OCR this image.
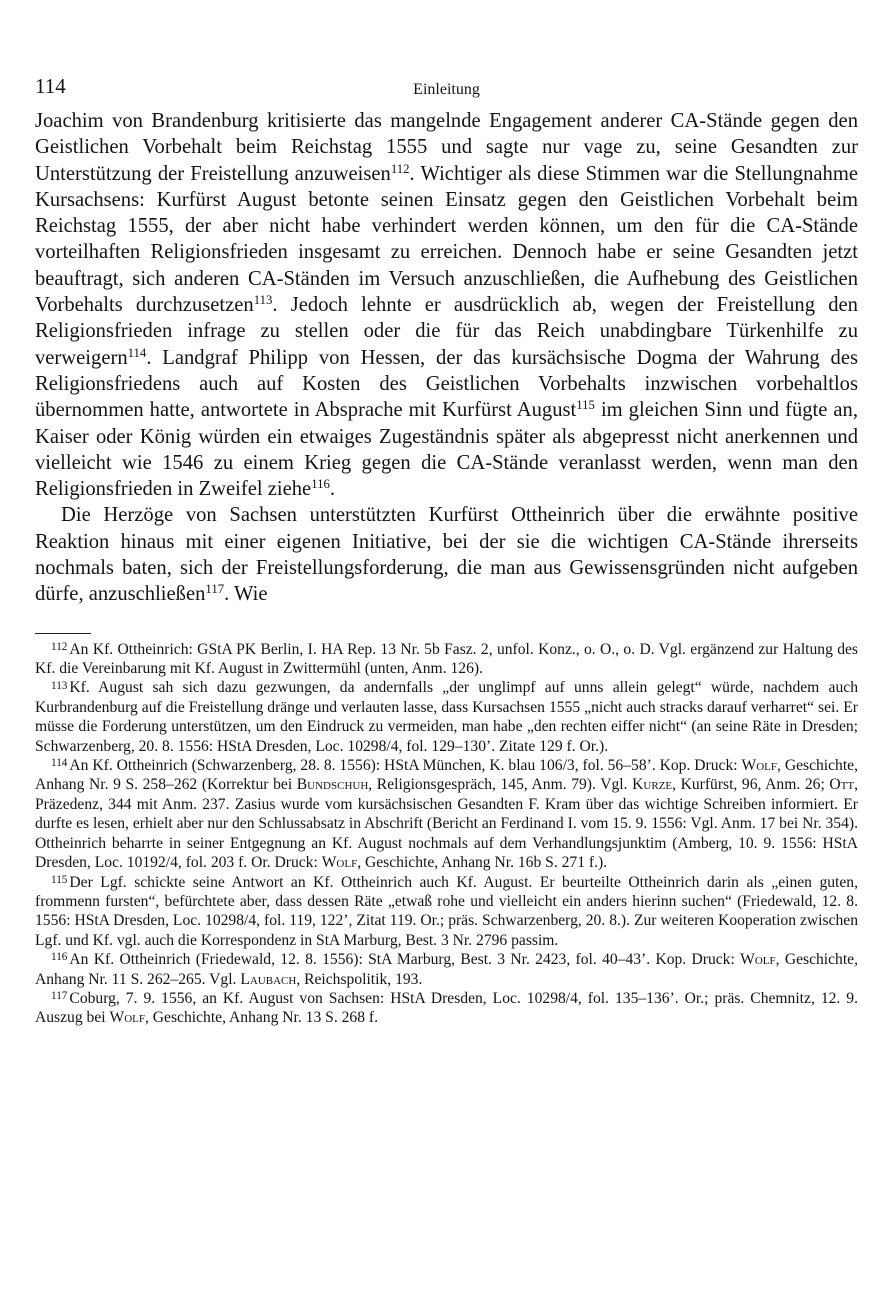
114	Einleitung

Joachim von Brandenburg kritisierte das mangelnde Engagement anderer CA-Stände gegen den Geistlichen Vorbehalt beim Reichstag 1555 und sagte nur vage zu, seine Gesandten zur Unterstützung der Freistellung anzuweisen$^{112}$. Wichtiger als diese Stimmen war die Stellungnahme Kursachsens: Kurfürst August betonte seinen Einsatz gegen den Geistlichen Vorbehalt beim Reichstag 1555, der aber nicht habe verhindert werden können, um den für die CA-Stände vorteilhaften Religionsfrieden insgesamt zu erreichen. Dennoch habe er seine Gesandten jetzt beauftragt, sich anderen CA-Ständen im Versuch anzuschließen, die Aufhebung des Geistlichen Vorbehalts durchzusetzen$^{113}$. Jedoch lehnte er ausdrücklich ab, wegen der Freistellung den Religionsfrieden infrage zu stellen oder die für das Reich unabdingbare Türkenhilfe zu verweigern$^{114}$. Landgraf Philipp von Hessen, der das kursächsische Dogma der Wahrung des Religionsfriedens auch auf Kosten des Geistlichen Vorbehalts inzwischen vorbehaltlos übernommen hatte, antwortete in Absprache mit Kurfürst August$^{115}$ im gleichen Sinn und fügte an, Kaiser oder König würden ein etwaiges Zugeständnis später als abgepresst nicht anerkennen und vielleicht wie 1546 zu einem Krieg gegen die CA-Stände veranlasst werden, wenn man den Religionsfrieden in Zweifel ziehe$^{116}$.

Die Herzöge von Sachsen unterstützten Kurfürst Ottheinrich über die erwähnte positive Reaktion hinaus mit einer eigenen Initiative, bei der sie die wichtigen CA-Stände ihrerseits nochmals baten, sich der Freistellungsforderung, die man aus Gewissensgründen nicht aufgeben dürfe, anzuschließen$^{117}$. Wie

$^{112}$ An Kf. Ottheinrich: GStA PK Berlin, I. HA Rep. 13 Nr. 5b Fasz. 2, unfol. Konz., o. O., o. D. Vgl. ergänzend zur Haltung des Kf. die Vereinbarung mit Kf. August in Zwittermühl (unten, Anm. 126).

$^{113}$ Kf. August sah sich dazu gezwungen, da andernfalls „der unglimpf auf unns allein gelegt“ würde, nachdem auch Kurbrandenburg auf die Freistellung dränge und verlauten lasse, dass Kursachsen 1555 „nicht auch stracks darauf verharret“ sei. Er müsse die Forderung unterstützen, um den Eindruck zu vermeiden, man habe „den rechten eiffer nicht“ (an seine Räte in Dresden; Schwarzenberg, 20. 8. 1556: HStA Dresden, Loc. 10298/4, fol. 129–130’. Zitate 129 f. Or.).

$^{114}$ An Kf. Ottheinrich (Schwarzenberg, 28. 8. 1556): HStA München, K. blau 106/3, fol. 56–58’. Kop. Druck: Wolf, Geschichte, Anhang Nr. 9 S. 258–262 (Korrektur bei Bundschuh, Religionsgespräch, 145, Anm. 79). Vgl. Kurze, Kurfürst, 96, Anm. 26; Ott, Präzedenz, 344 mit Anm. 237. Zasius wurde vom kursächsischen Gesandten F. Kram über das wichtige Schreiben informiert. Er durfte es lesen, erhielt aber nur den Schlussabsatz in Abschrift (Bericht an Ferdinand I. vom 15. 9. 1556: Vgl. Anm. 17 bei Nr. 354). Ottheinrich beharrte in seiner Entgegnung an Kf. August nochmals auf dem Verhandlungsjunktim (Amberg, 10. 9. 1556: HStA Dresden, Loc. 10192/4, fol. 203 f. Or. Druck: Wolf, Geschichte, Anhang Nr. 16b S. 271 f.).

$^{115}$ Der Lgf. schickte seine Antwort an Kf. Ottheinrich auch Kf. August. Er beurteilte Ottheinrich darin als „einen guten, frommenn fursten“, befürchtete aber, dass dessen Räte „etwaß rohe und vielleicht ein anders hierinn suchen“ (Friedewald, 12. 8. 1556: HStA Dresden, Loc. 10298/4, fol. 119, 122’, Zitat 119. Or.; präs. Schwarzenberg, 20. 8.). Zur weiteren Kooperation zwischen Lgf. und Kf. vgl. auch die Korrespondenz in StA Marburg, Best. 3 Nr. 2796 passim.

$^{116}$ An Kf. Ottheinrich (Friedewald, 12. 8. 1556): StA Marburg, Best. 3 Nr. 2423, fol. 40–43’. Kop. Druck: Wolf, Geschichte, Anhang Nr. 11 S. 262–265. Vgl. Laubach, Reichspolitik, 193.

$^{117}$ Coburg, 7. 9. 1556, an Kf. August von Sachsen: HStA Dresden, Loc. 10298/4, fol. 135–136’. Or.; präs. Chemnitz, 12. 9. Auszug bei Wolf, Geschichte, Anhang Nr. 13 S. 268 f.
